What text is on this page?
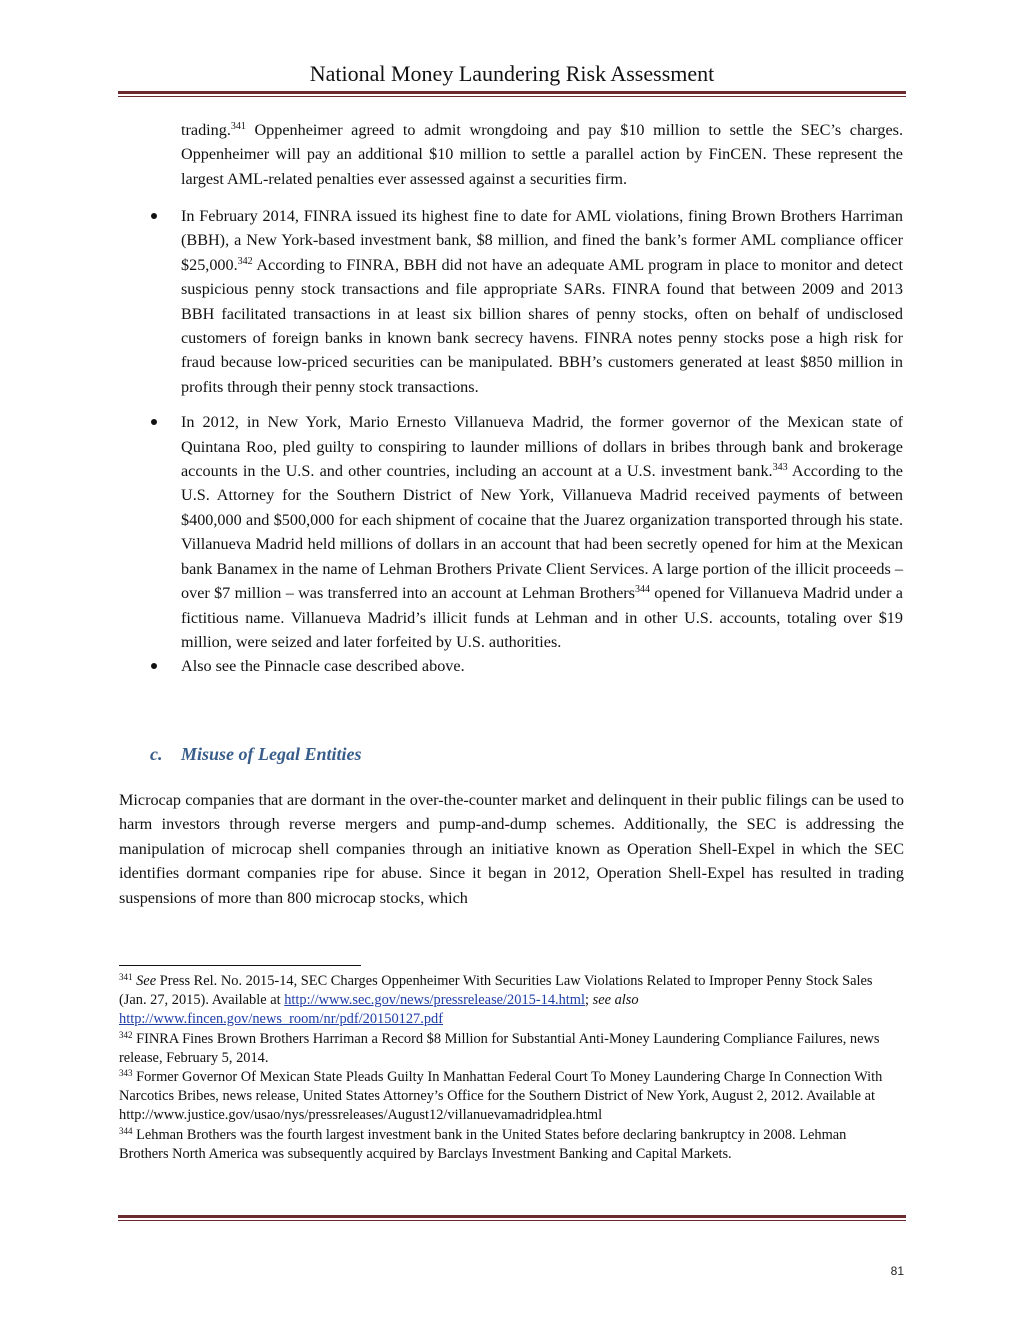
National Money Laundering Risk Assessment
trading.$^{341}$ Oppenheimer agreed to admit wrongdoing and pay $10 million to settle the SEC’s charges. Oppenheimer will pay an additional $10 million to settle a parallel action by FinCEN. These represent the largest AML-related penalties ever assessed against a securities firm.
In February 2014, FINRA issued its highest fine to date for AML violations, fining Brown Brothers Harriman (BBH), a New York-based investment bank, $8 million, and fined the bank’s former AML compliance officer $25,000.$^{342}$ According to FINRA, BBH did not have an adequate AML program in place to monitor and detect suspicious penny stock transactions and file appropriate SARs. FINRA found that between 2009 and 2013 BBH facilitated transactions in at least six billion shares of penny stocks, often on behalf of undisclosed customers of foreign banks in known bank secrecy havens. FINRA notes penny stocks pose a high risk for fraud because low-priced securities can be manipulated. BBH’s customers generated at least $850 million in profits through their penny stock transactions.
In 2012, in New York, Mario Ernesto Villanueva Madrid, the former governor of the Mexican state of Quintana Roo, pled guilty to conspiring to launder millions of dollars in bribes through bank and brokerage accounts in the U.S. and other countries, including an account at a U.S. investment bank.$^{343}$ According to the U.S. Attorney for the Southern District of New York, Villanueva Madrid received payments of between $400,000 and $500,000 for each shipment of cocaine that the Juarez organization transported through his state. Villanueva Madrid held millions of dollars in an account that had been secretly opened for him at the Mexican bank Banamex in the name of Lehman Brothers Private Client Services. A large portion of the illicit proceeds – over $7 million – was transferred into an account at Lehman Brothers$^{344}$ opened for Villanueva Madrid under a fictitious name. Villanueva Madrid’s illicit funds at Lehman and in other U.S. accounts, totaling over $19 million, were seized and later forfeited by U.S. authorities.
Also see the Pinnacle case described above.
c. Misuse of Legal Entities
Microcap companies that are dormant in the over-the-counter market and delinquent in their public filings can be used to harm investors through reverse mergers and pump-and-dump schemes. Additionally, the SEC is addressing the manipulation of microcap shell companies through an initiative known as Operation Shell-Expel in which the SEC identifies dormant companies ripe for abuse. Since it began in 2012, Operation Shell-Expel has resulted in trading suspensions of more than 800 microcap stocks, which

$^{341}$ See Press Rel. No. 2015-14, SEC Charges Oppenheimer With Securities Law Violations Related to Improper Penny Stock Sales (Jan. 27, 2015). Available at http://www.sec.gov/news/pressrelease/2015-14.html; see also
http://www.fincen.gov/news_room/nr/pdf/20150127.pdf

$^{342}$ FINRA Fines Brown Brothers Harriman a Record $8 Million for Substantial Anti-Money Laundering Compliance Failures, news release, February 5, 2014.

$^{343}$ Former Governor Of Mexican State Pleads Guilty In Manhattan Federal Court To Money Laundering Charge In Connection With Narcotics Bribes, news release, United States Attorney’s Office for the Southern District of New York, August 2, 2012. Available at
http://www.justice.gov/usao/nys/pressreleases/August12/villanuevamadridplea.html

$^{344}$ Lehman Brothers was the fourth largest investment bank in the United States before declaring bankruptcy in 2008. Lehman Brothers North America was subsequently acquired by Barclays Investment Banking and Capital Markets.

81
